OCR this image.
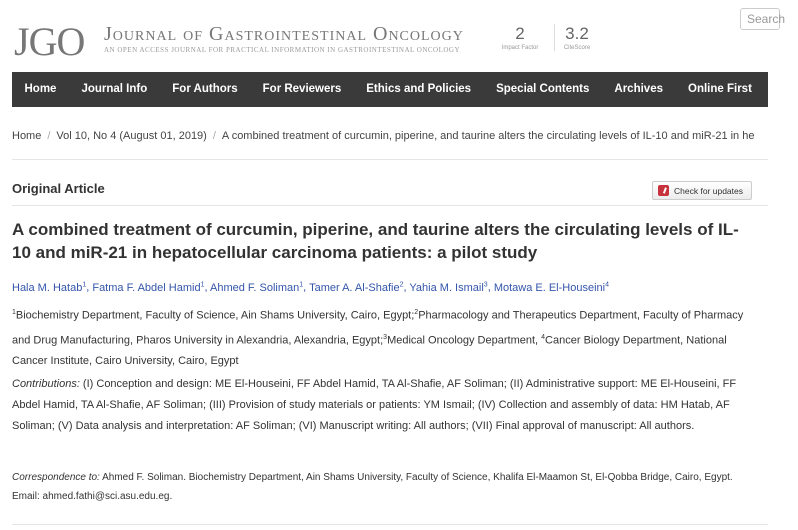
JGO Journal of Gastrointestinal Oncology
AN OPEN ACCESS JOURNAL FOR PRACTICAL INFORMATION IN GASTROINTESTINAL ONCOLOGY
2
Impact Factor
3.2
CiteScore
Search
Home	Journal Info	For Authors	For Reviewers	Ethics and Policies	Special Contents	Archives	Online First	A
Home / Vol 10, No 4 (August 01, 2019) / A combined treatment of curcumin, piperine, and taurine alters the circulating levels of IL-10 and miR-21 in he
Original Article	Check for updates
A combined treatment of curcumin, piperine, and taurine alters the circulating levels of IL-10 and miR-21 in hepatocellular carcinoma patients: a pilot study
Hala M. Hatab$^1$, Fatma F. Abdel Hamid$^1$, Ahmed F. Soliman$^1$, Tamer A. Al-Shafie$^2$, Yahia M. Ismail$^3$, Motawa E. El-Houseini$^4$
$^1$Biochemistry Department, Faculty of Science, Ain Shams University, Cairo, Egypt;$^2$Pharmacology and Therapeutics Department, Faculty of Pharmacy and Drug Manufacturing, Pharos University in Alexandria, Alexandria, Egypt;$^3$Medical Oncology Department, $^4$Cancer Biology Department, National Cancer Institute, Cairo University, Cairo, Egypt
Contributions: (I) Conception and design: ME El-Houseini, FF Abdel Hamid, TA Al-Shafie, AF Soliman; (II) Administrative support: ME El-Houseini, FF Abdel Hamid, TA Al-Shafie, AF Soliman; (III) Provision of study materials or patients: YM Ismail; (IV) Collection and assembly of data: HM Hatab, AF Soliman; (V) Data analysis and interpretation: AF Soliman; (VI) Manuscript writing: All authors; (VII) Final approval of manuscript: All authors.
Correspondence to: Ahmed F. Soliman. Biochemistry Department, Ain Shams University, Faculty of Science, Khalifa El-Maamon St, El-Qobba Bridge, Cairo, Egypt. Email: ahmed.fathi@sci.asu.edu.eg.
